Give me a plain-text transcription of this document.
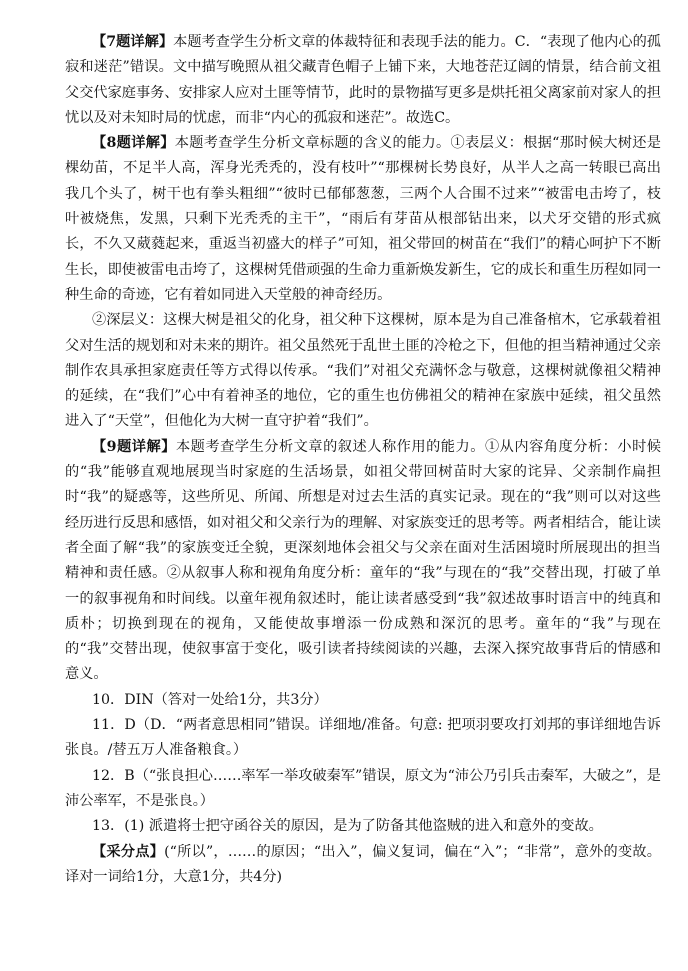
【7题详解】本题考查学生分析文章的体裁特征和表现手法的能力。C．“表现了他内心的孤寂和迷茫”错误。文中描写晚照从祖父藏青色帽子上铺下来，大地苍茫辽阔的情景，结合前文祖父交代家庭事务、安排家人应对土匪等情节，此时的景物描写更多是烘托祖父离家前对家人的担忧以及对未知时局的忧虑，而非“内心的孤寂和迷茫”。故选C。

【8题详解】本题考查学生分析文章标题的含义的能力。①表层义：根据“那时候大树还是棵幼苗，不足半人高，浑身光秃秃的，没有枝叶”“那棵树长势良好，从半人之高一转眼已高出我几个头了，树干也有拳头粗细”“彼时已郁郁葱葱，三两个人合围不过来”“被雷电击垮了，枝叶被烧焦，发黑，只剩下光秃秃的主干”，“雨后有芽苗从根部钻出来，以犬牙交错的形式疯长，不久又葳蕤起来，重返当初盛大的样子”可知，祖父带回的树苗在“我们”的精心呵护下不断生长，即使被雷电击垮了，这棵树凭借顽强的生命力重新焕发新生，它的成长和重生历程如同一种生命的奇迹，它有着如同进入天堂般的神奇经历。

②深层义：这棵大树是祖父的化身，祖父种下这棵树，原本是为自己准备棺木，它承载着祖父对生活的规划和对未来的期许。祖父虽然死于乱世土匪的冷枪之下，但他的担当精神通过父亲制作农具承担家庭责任等方式得以传承。“我们”对祖父充满怀念与敬意，这棵树就像祖父精神的延续，在“我们”心中有着神圣的地位，它的重生也仿佛祖父的精神在家族中延续，祖父虽然进入了“天堂”，但他化为大树一直守护着“我们”。

【9题详解】本题考查学生分析文章的叙述人称作用的能力。①从内容角度分析：小时候的“我”能够直观地展现当时家庭的生活场景，如祖父带回树苗时大家的诧异、父亲制作扁担时“我”的疑惑等，这些所见、所闻、所想是对过去生活的真实记录。现在的“我”则可以对这些经历进行反思和感悟，如对祖父和父亲行为的理解、对家族变迁的思考等。两者相结合，能让读者全面了解“我”的家族变迁全貌，更深刻地体会祖父与父亲在面对生活困境时所展现出的担当精神和责任感。②从叙事人称和视角角度分析：童年的“我”与现在的“我”交替出现，打破了单一的叙事视角和时间线。以童年视角叙述时，能让读者感受到“我”叙述故事时语言中的纯真和质朴；切换到现在的视角，又能使故事增添一份成熟和深沉的思考。童年的“我”与现在的“我”交替出现，使叙事富于变化，吸引读者持续阅读的兴趣，去深入探究故事背后的情感和意义。

10．DIN（答对一处给1分，共3分）

11．D（D．“两者意思相同”错误。详细地/准备。句意: 把项羽要攻打刘邦的事详细地告诉张良。/替五万人准备粮食。）

12．B（“张良担心……率军一举攻破秦军”错误，原文为“沛公乃引兵击秦军，大破之”，是沛公率军，不是张良。）

13．(1) 派遣将士把守函谷关的原因，是为了防备其他盗贼的进入和意外的变故。

【采分点】(“所以”，……的原因；“出入”，偏义复词，偏在“入”；“非常”，意外的变故。译对一词给1分，大意1分，共4分)
